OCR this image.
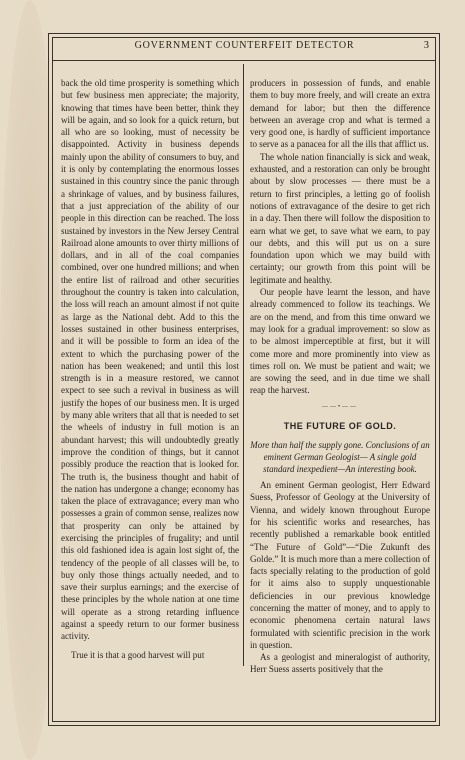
GOVERNMENT COUNTERFEIT DETECTOR	3

back the old time prosperity is something which but few business men appreciate; the majority, knowing that times have been better, think they will be again, and so look for a quick return, but all who are so looking, must of necessity be disappointed. Activity in business depends mainly upon the ability of consumers to buy, and it is only by contemplating the enormous losses sustained in this country since the panic through a shrinkage of values, and by business failures, that a just appreciation of the ability of our people in this direction can be reached. The loss sustained by investors in the New Jersey Central Railroad alone amounts to over thirty millions of dollars, and in all of the coal companies combined, over one hundred millions; and when the entire list of railroad and other securities throughout the country is taken into calculation, the loss will reach an amount almost if not quite as large as the National debt. Add to this the losses sustained in other business enterprises, and it will be possible to form an idea of the extent to which the purchasing power of the nation has been weakened; and until this lost strength is in a measure restored, we cannot expect to see such a revival in business as will justify the hopes of our business men. It is urged by many able writers that all that is needed to set the wheels of industry in full motion is an abundant harvest; this will undoubtedly greatly improve the condition of things, but it cannot possibly produce the reaction that is looked for. The truth is, the business thought and habit of the nation has undergone a change; economy has taken the place of extravagance; every man who possesses a grain of common sense, realizes now that prosperity can only be attained by exercising the principles of frugality; and until this old fashioned idea is again lost sight of, the tendency of the people of all classes will be, to buy only those things actually needed, and to save their surplus earnings; and the exercise of these principles by the whole nation at one time will operate as a strong retarding influence against a speedy return to our former business activity.

True it is that a good harvest will put

producers in possession of funds, and enable them to buy more freely, and will create an extra demand for labor; but then the difference between an average crop and what is termed a very good one, is hardly of sufficient importance to serve as a panacea for all the ills that afflict us.

The whole nation financially is sick and weak, exhausted, and a restoration can only be brought about by slow processes — there must be a return to first principles, a letting go of foolish notions of extravagance of the desire to get rich in a day. Then there will follow the disposition to earn what we get, to save what we earn, to pay our debts, and this will put us on a sure foundation upon which we may build with certainty; our growth from this point will be legitimate and healthy.

Our people have learnt the lesson, and have already commenced to follow its teachings. We are on the mend, and from this time onward we may look for a gradual improvement: so slow as to be almost imperceptible at first, but it will come more and more prominently into view as times roll on. We must be patient and wait; we are sowing the seed, and in due time we shall reap the harvest.

——•——
THE FUTURE OF GOLD.
More than half the supply gone. Conclusions of an eminent German Geologist— A single gold standard inexpedient—An interesting book.

An eminent German geologist, Herr Edward Suess, Professor of Geology at the University of Vienna, and widely known throughout Europe for his scientific works and researches, has recently published a remarkable book entitled “The Future of Gold”—“Die Zukunft des Golde.” It is much more than a mere collection of facts specially relating to the production of gold for it aims also to supply unquestionable deficiencies in our previous knowledge concerning the matter of money, and to apply to economic phenomena certain natural laws formulated with scientific precision in the work in question.

As a geologist and mineralogist of authority, Herr Suess asserts positively that the
